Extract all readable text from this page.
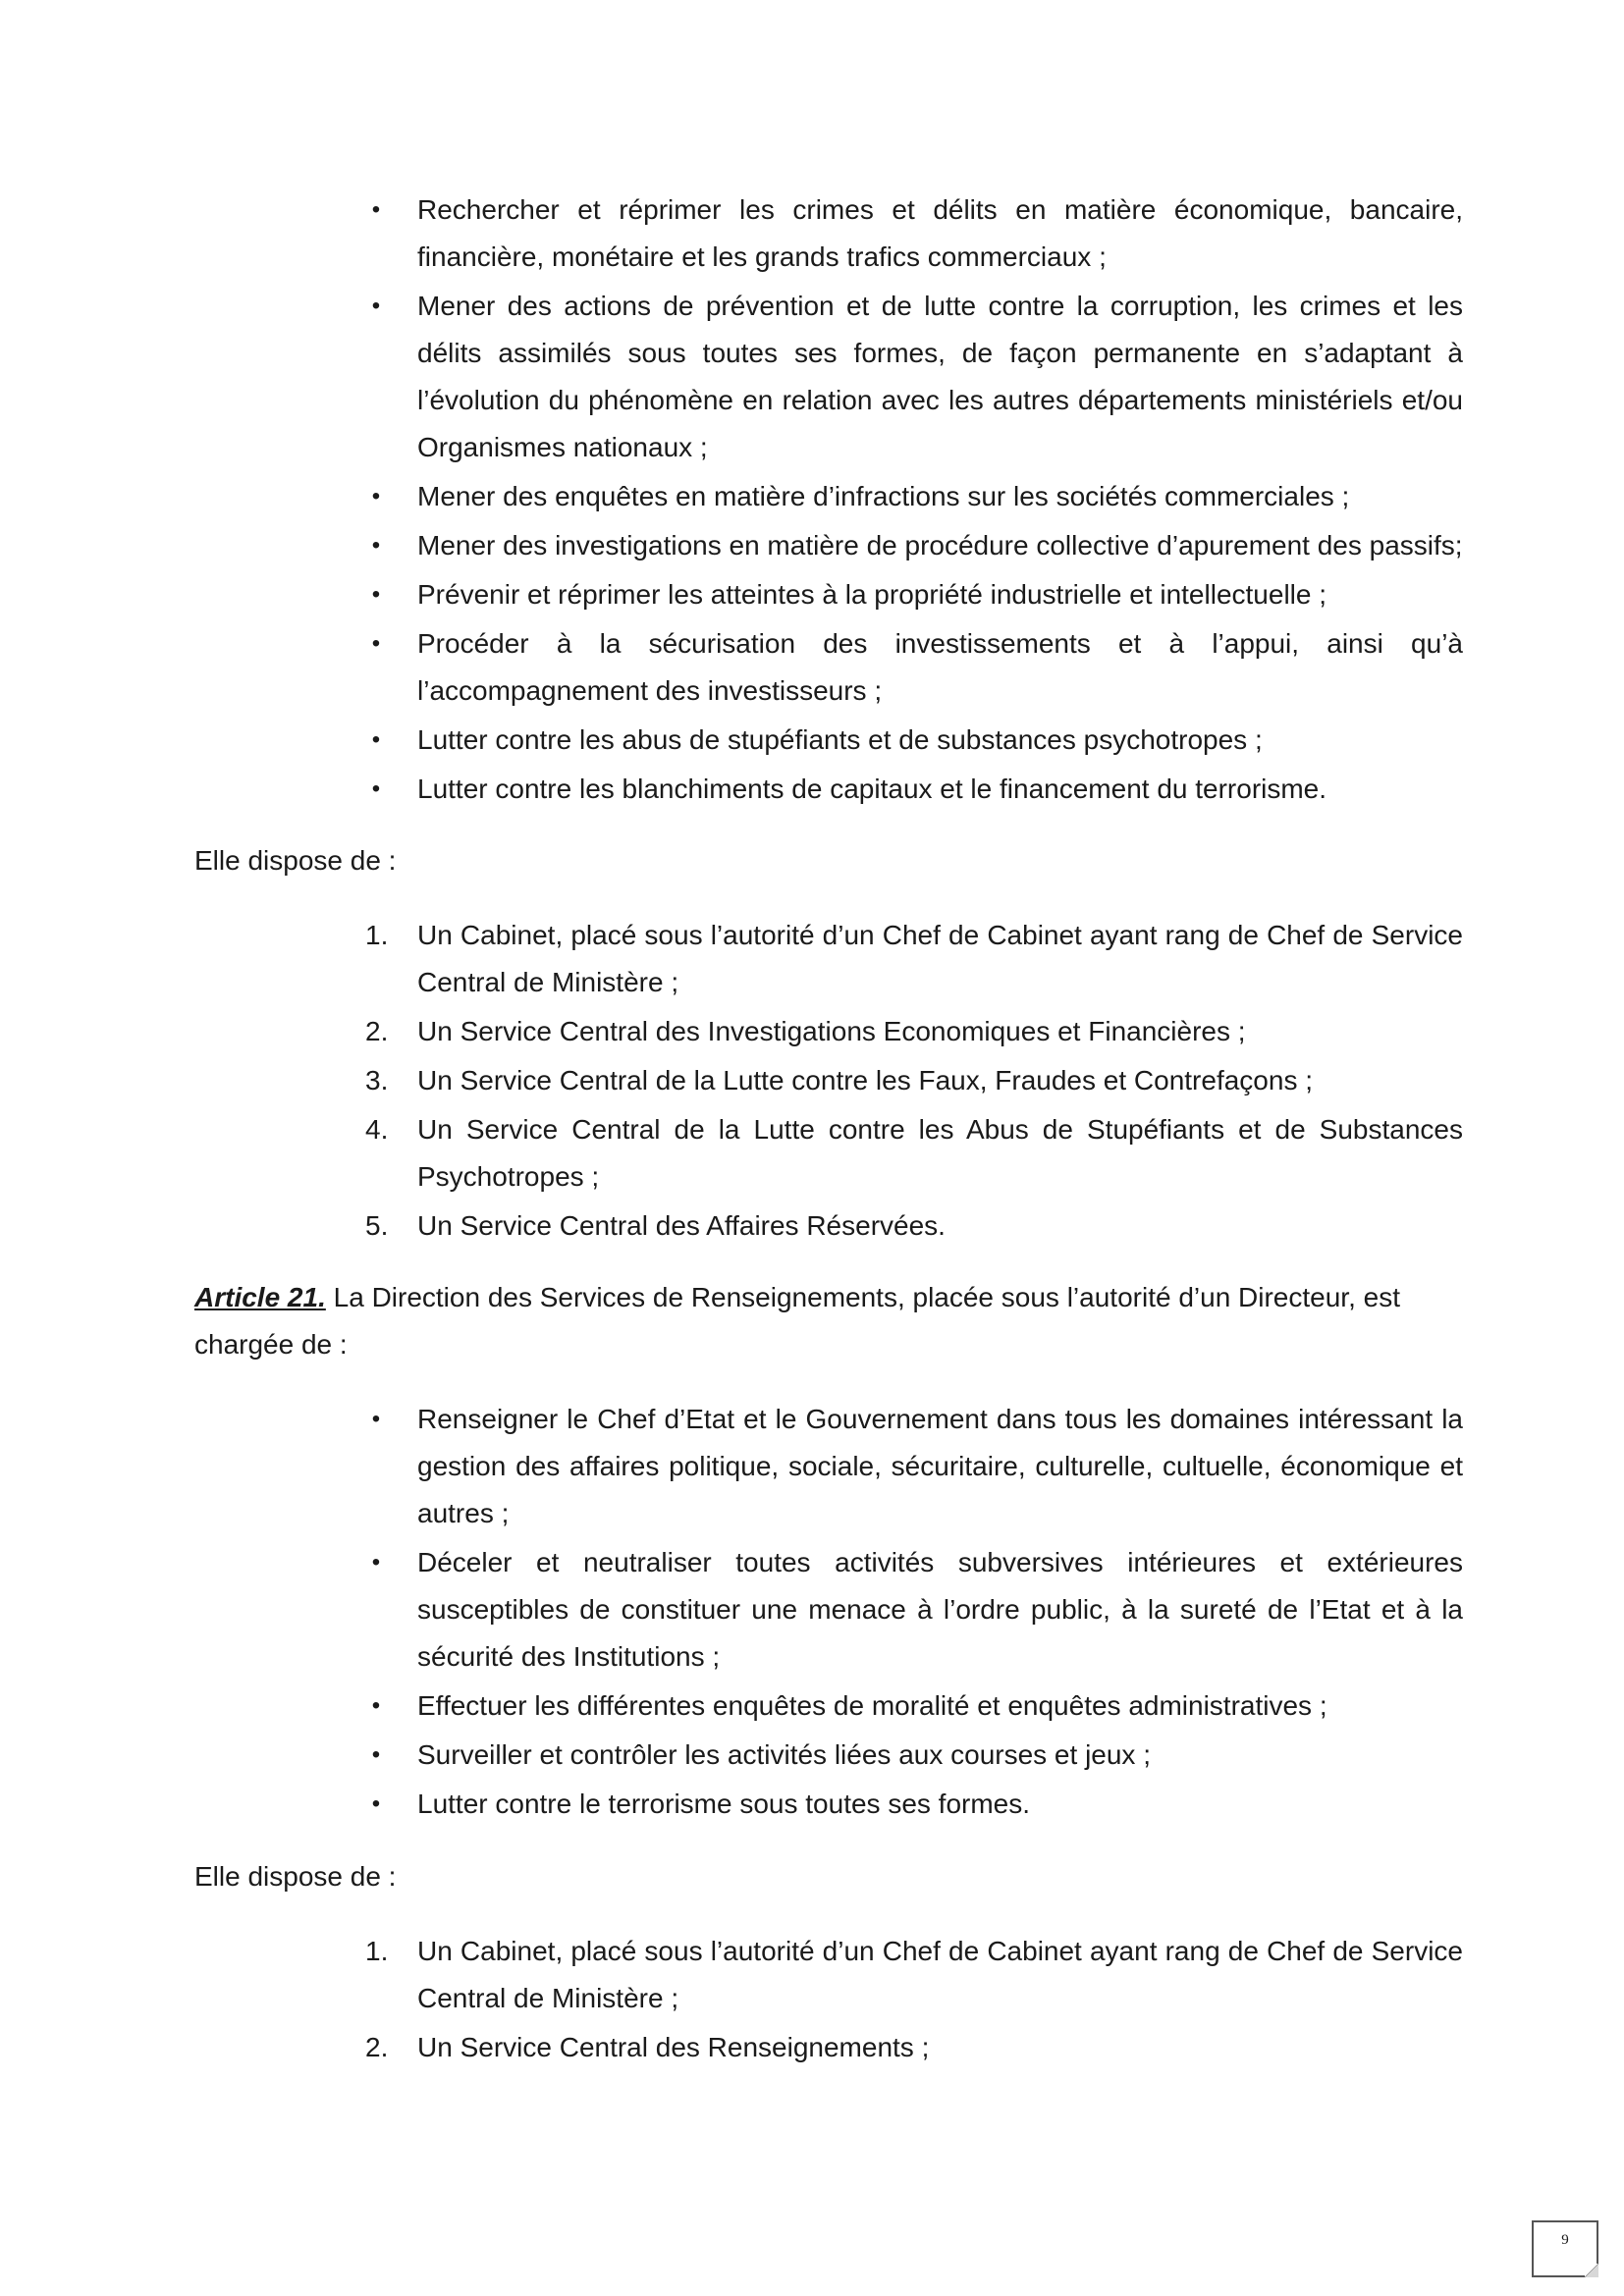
• Rechercher et réprimer les crimes et délits en matière économique, bancaire, financière, monétaire et les grands trafics commerciaux ;
• Mener des actions de prévention et de lutte contre la corruption, les crimes et les délits assimilés sous toutes ses formes, de façon permanente en s’adaptant à l’évolution du phénomène en relation avec les autres départements ministériels et/ou Organismes nationaux ;
• Mener des enquêtes en matière d’infractions sur les sociétés commerciales ;
• Mener des investigations en matière de procédure collective d’apurement des passifs;
• Prévenir et réprimer les atteintes à la propriété industrielle et intellectuelle ;
• Procéder à la sécurisation des investissements et à l’appui, ainsi qu’à l’accompagnement des investisseurs ;
• Lutter contre les abus de stupéfiants et de substances psychotropes ;
• Lutter contre les blanchiments de capitaux et le financement du terrorisme.
Elle dispose de :
1. Un Cabinet, placé sous l’autorité d’un Chef de Cabinet ayant rang de Chef de Service Central de Ministère ;
2. Un Service Central des Investigations Economiques et Financières ;
3. Un Service Central de la Lutte contre les Faux, Fraudes et Contrefaçons ;
4. Un Service Central de la Lutte contre les Abus de Stupéfiants et de Substances Psychotropes ;
5. Un Service Central des Affaires Réservées.
Article 21. La Direction des Services de Renseignements, placée sous l’autorité d’un Directeur, est chargée de :
• Renseigner le Chef d’Etat et le Gouvernement dans tous les domaines intéressant la gestion des affaires politique, sociale, sécuritaire, culturelle, cultuelle, économique et autres ;
• Déceler et neutraliser toutes activités subversives intérieures et extérieures susceptibles de constituer une menace à l’ordre public, à la sureté de l’Etat et à la sécurité des Institutions ;
• Effectuer les différentes enquêtes de moralité et enquêtes administratives ;
• Surveiller et contrôler les activités liées aux courses et jeux ;
• Lutter contre le terrorisme sous toutes ses formes.
Elle dispose de :
1. Un Cabinet, placé sous l’autorité d’un Chef de Cabinet ayant rang de Chef de Service Central de Ministère ;
2. Un Service Central des Renseignements ;
9
